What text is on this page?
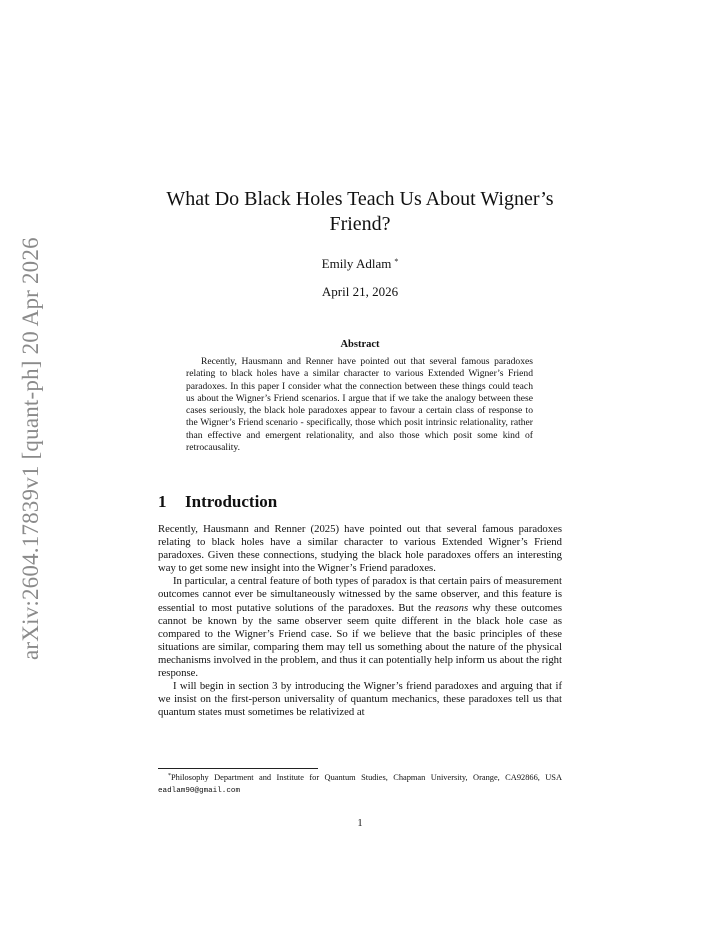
arXiv:2604.17839v1 [quant-ph] 20 Apr 2026
What Do Black Holes Teach Us About Wigner’s Friend?
Emily Adlam *
April 21, 2026
Abstract

Recently, Hausmann and Renner have pointed out that several famous paradoxes relating to black holes have a similar character to various Extended Wigner’s Friend paradoxes. In this paper I consider what the connection between these things could teach us about the Wigner’s Friend scenarios. I argue that if we take the analogy between these cases seriously, the black hole paradoxes appear to favour a certain class of response to the Wigner’s Friend scenario - specifically, those which posit intrinsic relationality, rather than effective and emergent relationality, and also those which posit some kind of retrocausality.

1 Introduction

Recently, Hausmann and Renner (2025) have pointed out that several famous paradoxes relating to black holes have a similar character to various Extended Wigner’s Friend paradoxes. Given these connections, studying the black hole paradoxes offers an interesting way to get some new insight into the Wigner’s Friend paradoxes.

In particular, a central feature of both types of paradox is that certain pairs of measurement outcomes cannot ever be simultaneously witnessed by the same observer, and this feature is essential to most putative solutions of the paradoxes. But the reasons why these outcomes cannot be known by the same observer seem quite different in the black hole case as compared to the Wigner’s Friend case. So if we believe that the basic principles of these situations are similar, comparing them may tell us something about the nature of the physical mechanisms involved in the problem, and thus it can potentially help inform us about the right response.

I will begin in section 3 by introducing the Wigner’s friend paradoxes and arguing that if we insist on the first-person universality of quantum mechanics, these paradoxes tell us that quantum states must sometimes be relativized at

*Philosophy Department and Institute for Quantum Studies, Chapman University, Orange, CA92866, USA eadlam90@gmail.com
1
